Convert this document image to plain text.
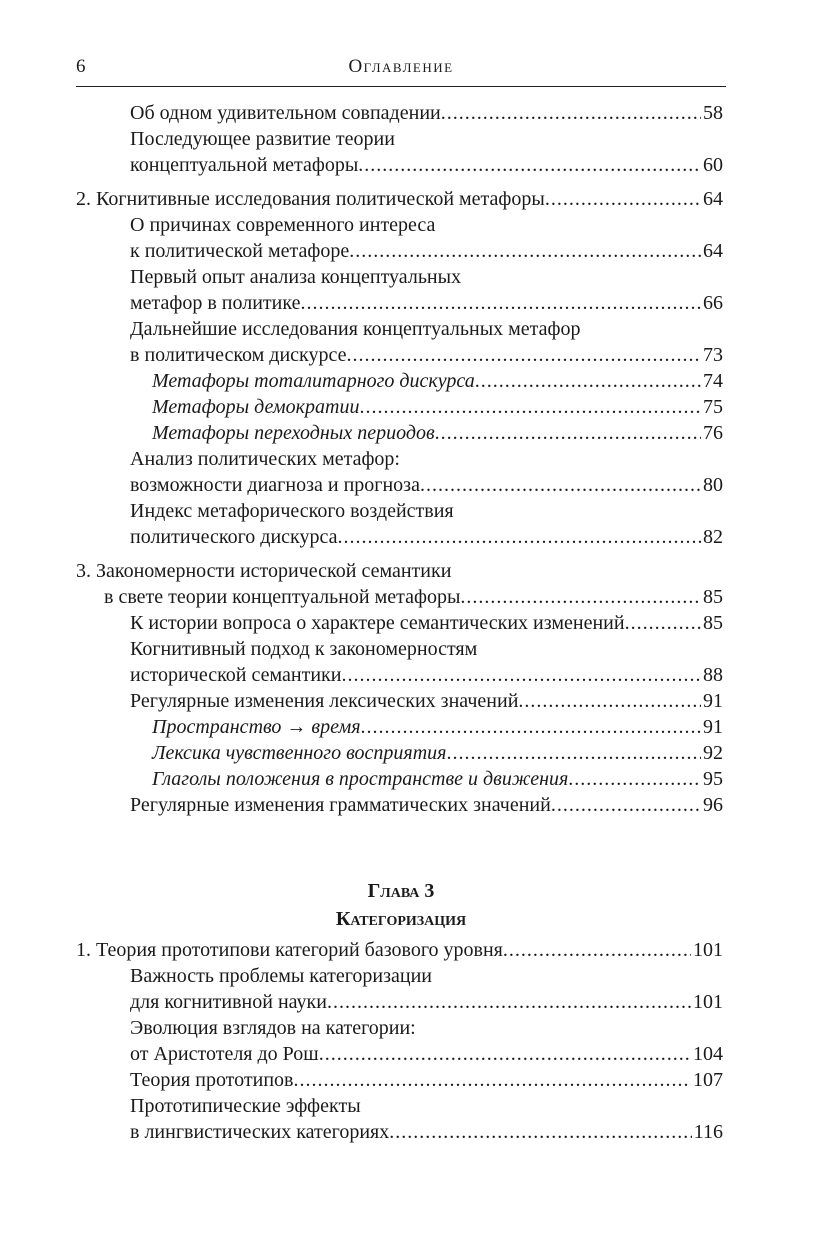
6	Оглавление
Об одном удивительном совпадении .....	58
Последующее развитие теории
концептуальной метафоры .....	60
2. Когнитивные исследования политической метафоры .....	64
О причинах современного интереса
к политической метафоре .....	64
Первый опыт анализа концептуальных
метафор в политике .....	66
Дальнейшие исследования концептуальных метафор
в политическом дискурсе .....	73
Метафоры тоталитарного дискурса .....	74
Метафоры демократии .....	75
Метафоры переходных периодов .....	76
Анализ политических метафор:
возможности диагноза и прогноза .....	80
Индекс метафорического воздействия
политического дискурса .....	82
3. Закономерности исторической семантики
в свете теории концептуальной метафоры .....	85
К истории вопроса о характере семантических изменений .....	85
Когнитивный подход к закономерностям
исторической семантики .....	88
Регулярные изменения лексических значений .....	91
Пространство → время .....	91
Лексика чувственного восприятия .....	92
Глаголы положения в пространстве и движения .....	95
Регулярные изменения грамматических значений .....	96
Глава 3
Категоризация
1. Теория прототипови категорий базового уровня .....	101
Важность проблемы категоризации
для когнитивной науки .....	101
Эволюция взглядов на категории:
от Аристотеля до Рош .....	104
Теория прототипов .....	107
Прототипические эффекты
в лингвистических категориях .....	116
